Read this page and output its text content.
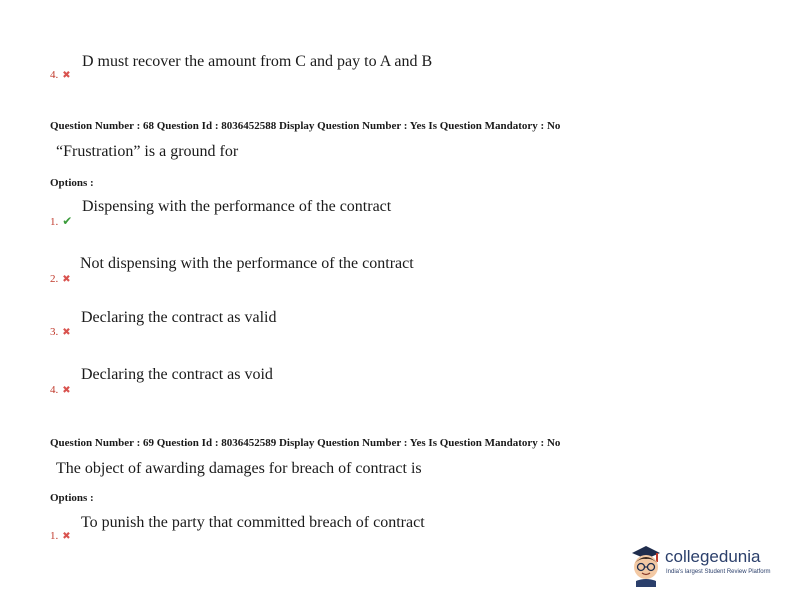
D must recover the amount from C and pay to A and B
4. ✖
Question Number : 68 Question Id : 8036452588 Display Question Number : Yes Is Question Mandatory : No
“Frustration” is a ground for
Options :
Dispensing with the performance of the contract
1. ✔
Not dispensing with the performance of the contract
2. ✖
Declaring the contract as valid
3. ✖
Declaring the contract as void
4. ✖
Question Number : 69 Question Id : 8036452589 Display Question Number : Yes Is Question Mandatory : No
The object of awarding damages for breach of contract is
Options :
To punish the party that committed breach of contract
1. ✖
collegedunia
India's largest Student Review Platform
